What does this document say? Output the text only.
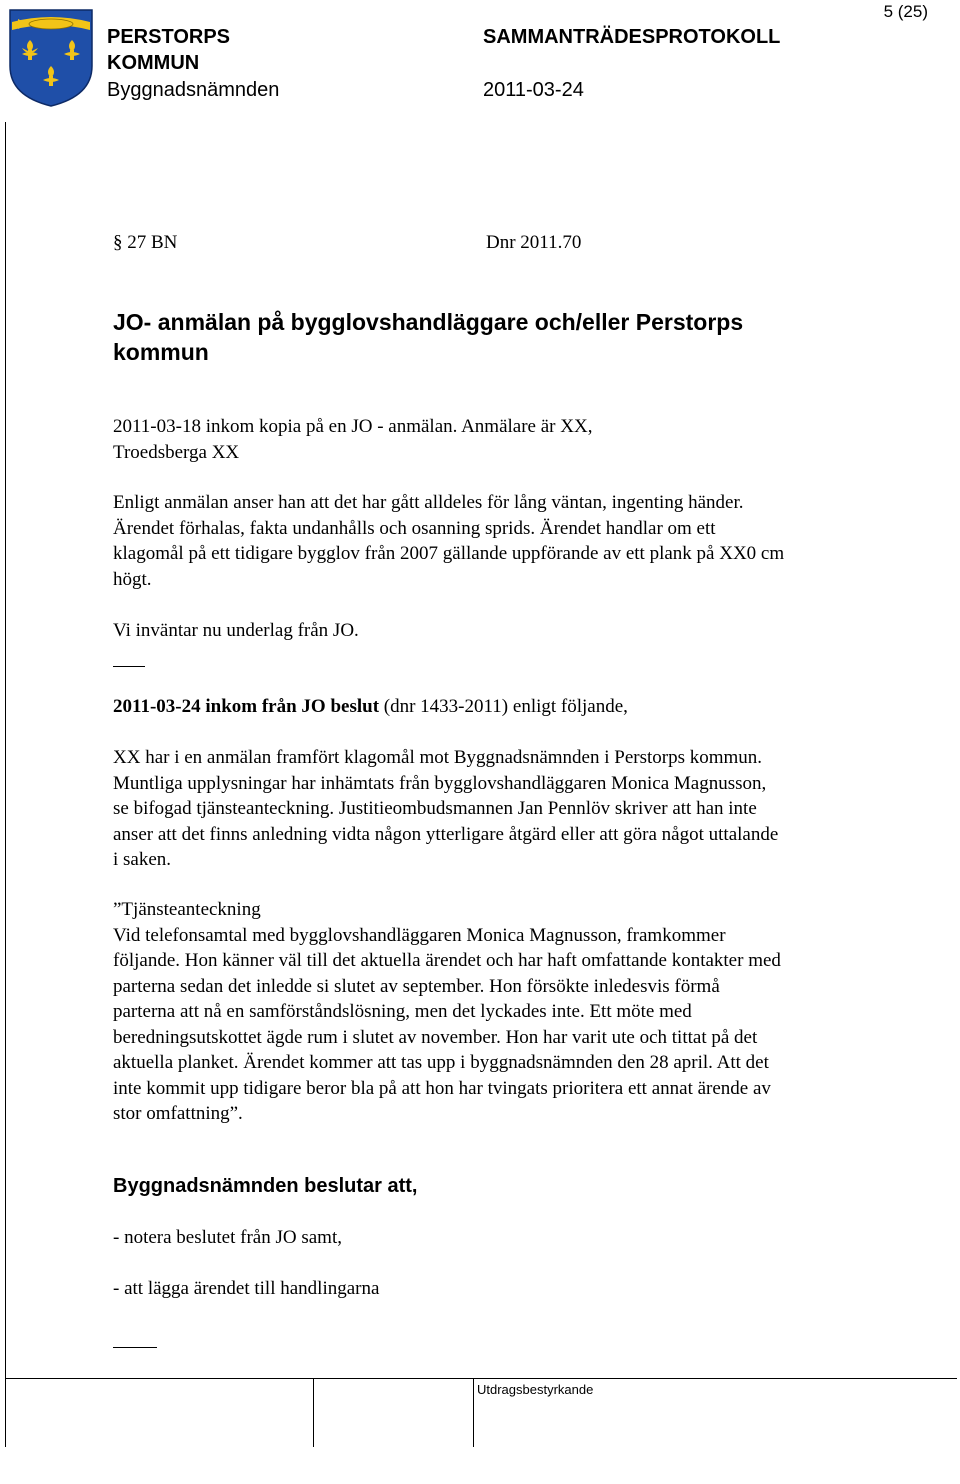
5 (25)
PERSTORPS
KOMMUN
Byggnadsnämnden
SAMMANTRÄDESPROTOKOLL
2011-03-24
§ 27 BN	Dnr 2011.70
JO- anmälan på bygglovshandläggare och/eller Perstorps
kommun

2011-03-18 inkom kopia på en JO - anmälan. Anmälare är XX,

Troedsberga XX

Enligt anmälan anser han att det har gått alldeles för lång väntan, ingenting händer.

Ärendet förhalas, fakta undanhålls och osanning sprids. Ärendet handlar om ett

klagomål på ett tidigare bygglov från 2007 gällande uppförande av ett plank på XX0 cm

högt.

Vi inväntar nu underlag från JO.

2011-03-24 inkom från JO beslut (dnr 1433-2011) enligt följande,

XX har i en anmälan framfört klagomål mot Byggnadsnämnden i Perstorps kommun.

Muntliga upplysningar har inhämtats från bygglovshandläggaren Monica Magnusson,

se bifogad tjänsteanteckning. Justitieombudsmannen Jan Pennlöv skriver att han inte

anser att det finns anledning vidta någon ytterligare åtgärd eller att göra något uttalande

i saken.

”Tjänsteanteckning

Vid telefonsamtal med bygglovshandläggaren Monica Magnusson, framkommer

följande. Hon känner väl till det aktuella ärendet och har haft omfattande kontakter med

parterna sedan det inledde si slutet av september. Hon försökte inledesvis förmå

parterna att nå en samförståndslösning, men det lyckades inte. Ett möte med

beredningsutskottet ägde rum i slutet av november. Hon har varit ute och tittat på det

aktuella planket. Ärendet kommer att tas upp i byggnadsnämnden den 28 april. Att det

inte kommit upp tidigare beror bla på att hon har tvingats prioritera ett annat ärende av

stor omfattning”.

Byggnadsnämnden beslutar att,
- notera beslutet från JO samt,
- att lägga ärendet till handlingarna
Utdragsbestyrkande
